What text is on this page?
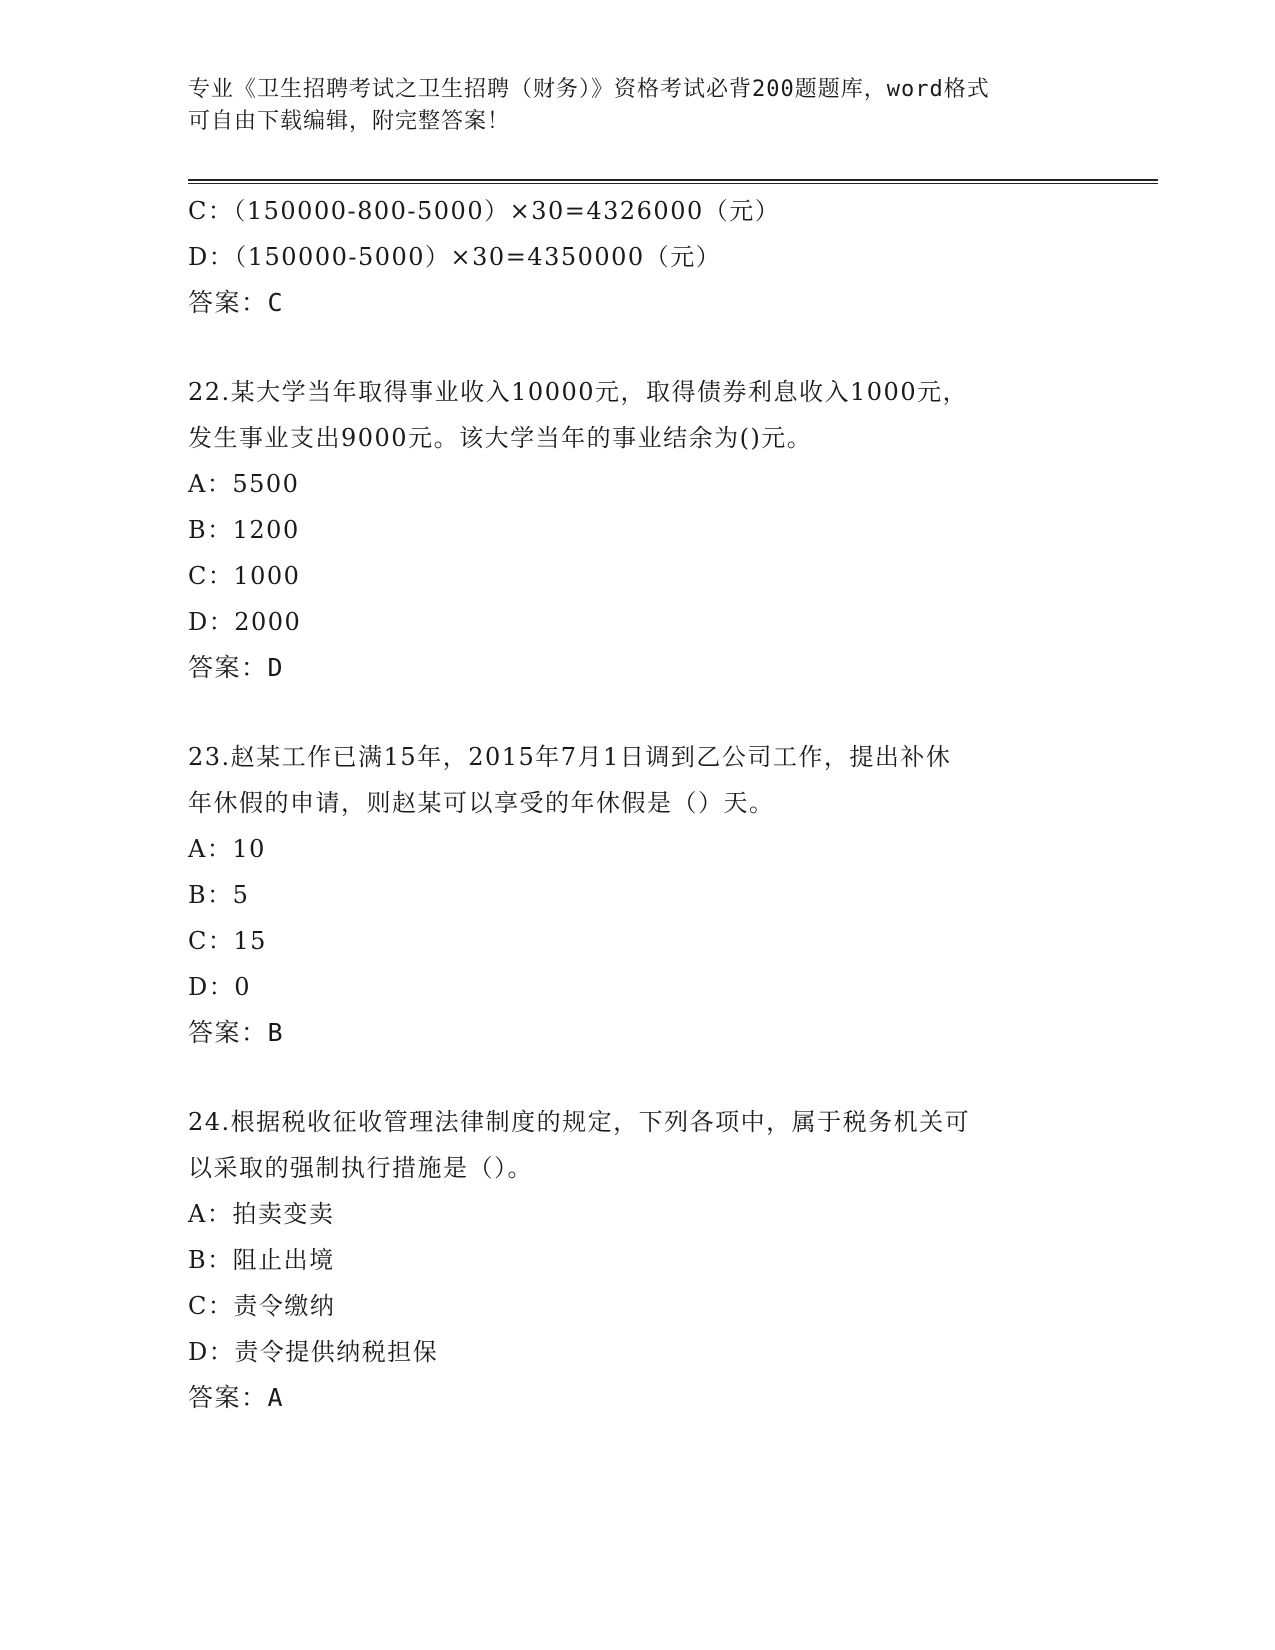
专业《卫生招聘考试之卫生招聘（财务）》资格考试必背200题题库，word格式
可自由下载编辑，附完整答案！
C：（150000-800-5000）×30=4326000（元）
D：（150000-5000）×30=4350000（元）
答案：C
22.某大学当年取得事业收入10000元，取得债券利息收入1000元，
发生事业支出9000元。该大学当年的事业结余为()元。
A：5500
B：1200
C：1000
D：2000
答案：D
23.赵某工作已满15年，2015年7月1日调到乙公司工作，提出补休
年休假的申请，则赵某可以享受的年休假是（）天。
A：10
B：5
C：15
D：0
答案：B
24.根据税收征收管理法律制度的规定，下列各项中，属于税务机关可
以采取的强制执行措施是（）。
A：拍卖变卖
B：阻止出境
C：责令缴纳
D：责令提供纳税担保
答案：A
